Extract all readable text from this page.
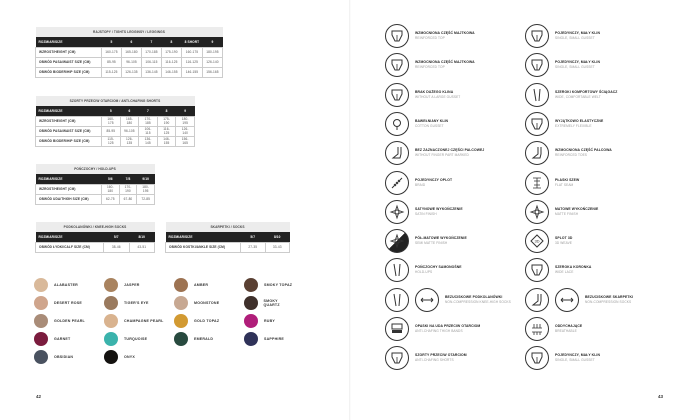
RAJSTOPY / TIGHTS LEGGINSY / LEGGINGS						
ROZMIAR/SIZE	5	6	7	8	8 SHORT	9
WZROST/HEIGHT (CM)	160-175	165-180	170-185	175-190	160-175	180-195
OBWÓD PASA/WAIST SIZE (CM)	85-95	96-105	106-115	116-125	116-125	126-140
OBWÓD BIODER/HIP SIZE (CM)	115-125	126-135	136-145	146-155	146-155	156-165
SZORTY PRZECIW OTARCIOM / ANTI-CHAFING SHORTS					
ROZMIAR/SIZE	5	6	7	8	9
WZROST/HEIGHT (CM)	160-175	165-180	170-185	175-190	180-195
OBWÓD PASA/WAIST SIZE (CM)	85-95	96-105	106-115	116-125	126-140
OBWÓD BIODER/HIP SIZE (CM)	115-125	126-135	136-145	146-155	156-165
POŃCZOCHY / HOLD-UPS			
ROZMIAR/SIZE	5/6	7/8	9/10
WZROST/HEIGHT (CM)	160-180	170-190	180-195
OBWÓD UDA/THIGH SIZE (CM)	62-75	67-80	72-85
PODKOLANÓWKI / KNEE-HIGH SOCKS		
ROZMIAR/SIZE	5/7	8/10
OBWÓD ŁYDKI/CALF SIZE (CM)	38-46	43-51
SKARPETKI / SOCKS		
ROZMIAR/SIZE	5/7	8/10
OBWÓD KOSTKI/ANKLE SIZE (CM)	27-35	33-43
ALABASTER	JASPER	AMBER	SMOKY TOPAZ
DESERT ROSE	TIGER'S EYE	MOONSTONE	SMOKY QUARTZ
GOLDEN PEARL	CHAMPAGNE PEARL	GOLD TOPAZ	RUBY
GARNET	TURQUOISE	EMERALD	SAPPHIRE
OBSIDIAN	ONYX
42
WZMOCNIONA CZĘŚĆ MAJTKOWA
REINFORCED TOP
WZMOCNIONA CZĘŚĆ MAJTKOWA
REINFORCED TOP
BRAK DUŻEGO KLINA
WITHOUT A LARGE GUSSET
BAWEŁNIANY KLIN
COTTON GUSSET
BEZ ZAZNACZONEJ CZĘŚCI PALCOWEJ
WITHOUT FINGER PART MARKED
POJEDYNCZY OPLOT
BRAID
SATYNOWE WYKOŃCZENIE
SATIN FINISH
PÓŁ-MATOWE WYKOŃCZENIE
SEMI MATTE FINISH
POŃCZOCHY SAMONOŚNE
HOLD-UPS
BEZUCISKOWE PODKOLANÓWKI
NON-COMPRESSION KNEE-HIGH SOCKS
OPASKI NA UDA PRZECIW OTARCIOM
ANTI-CHAFING THIGH BANDS
SZORTY PRZECIW OTARCIOM
ANTI-CHAFING SHORTS
POJEDYNCZY, MAŁY KLIN
SINGLE, SMALL GUSSET
POJEDYNCZY, MAŁY KLIN
SINGLE, SMALL GUSSET
SZEROKI KOMFORTOWY ŚCIĄGACZ
WIDE, COMFORTABLE WELT
WYJĄTKOWO ELASTYCZNE
EXTREMELY FLEXIBLE
WZMOCNIONA CZĘŚĆ PALCOWA
REINFORCED TOES
PŁASKI SZEW
FLAT SEAM
MATOWE WYKOŃCZENIE
MATTE FINISH
3D
SPLOT 3D
3D WEAVE
SZEROKA KORONKA
WIDE LACE
BEZUCISKOWE SKARPETKI
NON-COMPRESSION SOCKS
ODDYCHAJĄCE
BREATHABLE
POJEDYNCZY, MAŁY KLIN
SINGLE, SMALL GUSSET
43
